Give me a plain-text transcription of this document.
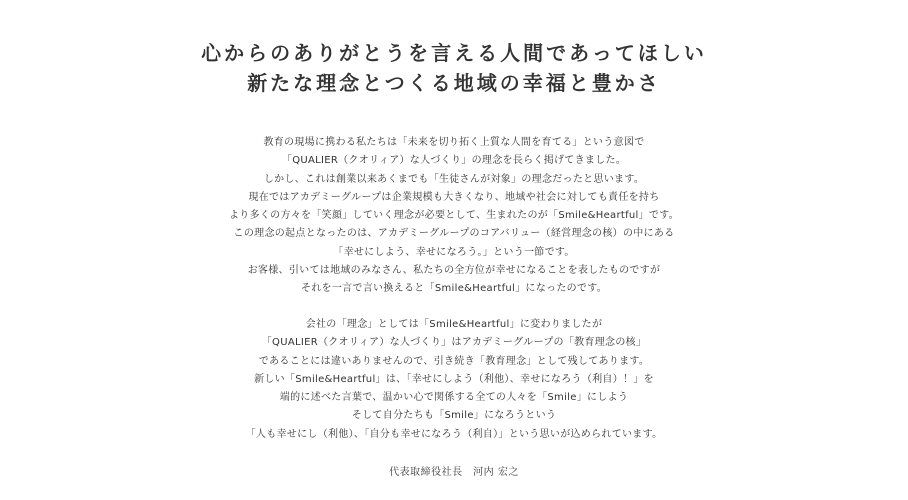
心からのありがとうを言える人間であってほしい
新たな理念とつくる地域の幸福と豊かさ
教育の現場に携わる私たちは「未来を切り拓く上質な人間を育てる」という意図で
「QUALIER（クオリィア）な人づくり」の理念を長らく掲げてきました。
しかし、これは創業以来あくまでも「生徒さんが対象」の理念だったと思います。
現在ではアカデミーグループは企業規模も大きくなり、地域や社会に対しても責任を持ち
より多くの方々を「笑顔」していく理念が必要として、生まれたのが「Smile&Heartful」です。
この理念の起点となったのは、アカデミーグループのコアバリュー（経営理念の核）の中にある
「幸せにしよう、幸せになろう。」という一節です。
お客様、引いては地域のみなさん、私たちの全方位が幸せになることを表したものですが
それを一言で言い換えると「Smile&Heartful」になったのです。
会社の「理念」としては「Smile&Heartful」に変わりましたが
「QUALIER（クオリィア）な人づくり」はアカデミーグループの「教育理念の核」
であることには違いありませんので、引き続き「教育理念」として残してあります。
新しい「Smile&Heartful」は、「幸せにしよう（利他）、幸せになろう（利自）！」を
端的に述べた言葉で、温かい心で関係する全ての人々を「Smile」にしよう
そして自分たちも「Smile」になろうという
「人も幸せにし（利他）、「自分も幸せになろう（利自）」という思いが込められています。
代表取締役社長　河内 宏之
